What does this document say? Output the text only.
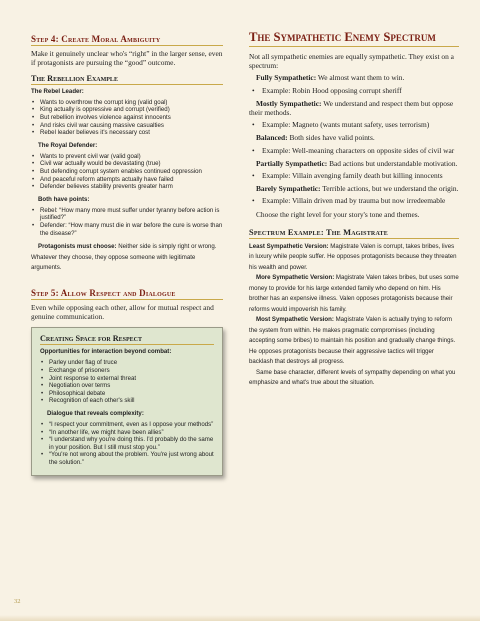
Step 4: Create Moral Ambiguity

Make it genuinely unclear who's “right” in the larger sense, even if protagonists are pursuing the “good” outcome.

The Rebellion Example
The Rebel Leader:
• Wants to overthrow the corrupt king (valid goal)
• King actually is oppressive and corrupt (verified)
• But rebellion involves violence against innocents
• And risks civil war causing massive casualties
• Rebel leader believes it's necessary cost
The Royal Defender:
• Wants to prevent civil war (valid goal)
• Civil war actually would be devastating (true)
• But defending corrupt system enables continued oppression
• And peaceful reform attempts actually have failed
• Defender believes stability prevents greater harm
Both have points:
• Rebel: “How many more must suffer under tyranny before action is justified?”
• Defender: “How many must die in war before the cure is worse than the disease?”

Protagonists must choose: Neither side is simply right or wrong. Whatever they choose, they oppose someone with legitimate arguments.

Step 5: Allow Respect and Dialogue

Even while opposing each other, allow for mutual respect and genuine communication.

Creating Space for Respect
Opportunities for interaction beyond combat:
• Parley under flag of truce
• Exchange of prisoners
• Joint response to external threat
• Negotiation over terms
• Philosophical debate
• Recognition of each other's skill
Dialogue that reveals complexity:
• “I respect your commitment, even as I oppose your methods”
• “In another life, we might have been allies”
• “I understand why you're doing this. I'd probably do the same in your position. But I still must stop you.”
• “You're not wrong about the problem. You're just wrong about the solution.”
The Sympathetic Enemy Spectrum

Not all sympathetic enemies are equally sympathetic. They exist on a spectrum:

Fully Sympathetic: We almost want them to win.

• Example: Robin Hood opposing corrupt sheriff

Mostly Sympathetic: We understand and respect them but oppose their methods.

• Example: Magneto (wants mutant safety, uses terrorism)

Balanced: Both sides have valid points.

• Example: Well-meaning characters on opposite sides of civil war

Partially Sympathetic: Bad actions but understandable motivation.

• Example: Villain avenging family death but killing innocents

Barely Sympathetic: Terrible actions, but we understand the origin.

• Example: Villain driven mad by trauma but now irredeemable

Choose the right level for your story's tone and themes.

Spectrum Example: The Magistrate

Least Sympathetic Version: Magistrate Valen is corrupt, takes bribes, lives in luxury while people suffer. He opposes protagonists because they threaten his wealth and power.

More Sympathetic Version: Magistrate Valen takes bribes, but uses some money to provide for his large extended family who depend on him. His brother has an expensive illness. Valen opposes protagonists because their reforms would impoverish his family.

Most Sympathetic Version: Magistrate Valen is actually trying to reform the system from within. He makes pragmatic compromises (including accepting some bribes) to maintain his position and gradually change things. He opposes protagonists because their aggressive tactics will trigger backlash that destroys all progress.

Same base character, different levels of sympathy depending on what you emphasize and what's true about the situation.

32
